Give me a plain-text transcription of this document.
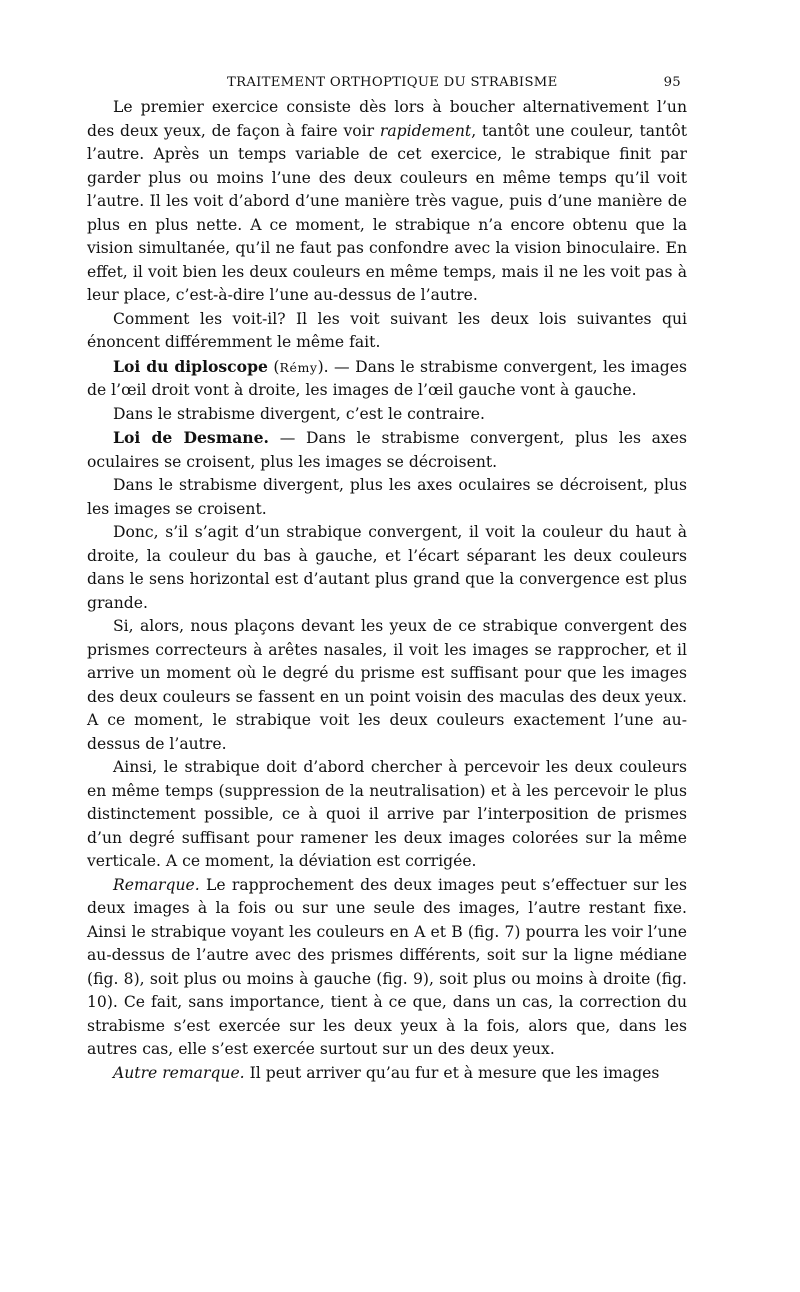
TRAITEMENT ORTHOPTIQUE DU STRABISME	95

Le premier exercice consiste dès lors à boucher alternativement l’un des deux yeux, de façon à faire voir rapidement, tantôt une couleur, tantôt l’autre. Après un temps variable de cet exercice, le strabique finit par garder plus ou moins l’une des deux couleurs en même temps qu’il voit l’autre. Il les voit d’abord d’une manière très vague, puis d’une manière de plus en plus nette. A ce moment, le strabique n’a encore obtenu que la vision simultanée, qu’il ne faut pas confondre avec la vision binoculaire. En effet, il voit bien les deux couleurs en même temps, mais il ne les voit pas à leur place, c’est-à-dire l’une au-dessus de l’autre.

Comment les voit-il? Il les voit suivant les deux lois suivantes qui énoncent différemment le même fait.

Loi du diploscope (Rémy). — Dans le strabisme convergent, les images de l’œil droit vont à droite, les images de l’œil gauche vont à gauche.

Dans le strabisme divergent, c’est le contraire.

Loi de Desmane. — Dans le strabisme convergent, plus les axes oculaires se croisent, plus les images se décroisent.

Dans le strabisme divergent, plus les axes oculaires se décroisent, plus les images se croisent.

Donc, s’il s’agit d’un strabique convergent, il voit la couleur du haut à droite, la couleur du bas à gauche, et l’écart séparant les deux couleurs dans le sens horizontal est d’autant plus grand que la convergence est plus grande.

Si, alors, nous plaçons devant les yeux de ce strabique convergent des prismes correcteurs à arêtes nasales, il voit les images se rapprocher, et il arrive un moment où le degré du prisme est suffisant pour que les images des deux couleurs se fassent en un point voisin des maculas des deux yeux. A ce moment, le strabique voit les deux couleurs exactement l’une au-dessus de l’autre.

Ainsi, le strabique doit d’abord chercher à percevoir les deux couleurs en même temps (suppression de la neutralisation) et à les percevoir le plus distinctement possible, ce à quoi il arrive par l’interposition de prismes d’un degré suffisant pour ramener les deux images colorées sur la même verticale. A ce moment, la déviation est corrigée.

Remarque. Le rapprochement des deux images peut s’effectuer sur les deux images à la fois ou sur une seule des images, l’autre restant fixe. Ainsi le strabique voyant les couleurs en A et B (fig. 7) pourra les voir l’une au-dessus de l’autre avec des prismes différents, soit sur la ligne médiane (fig. 8), soit plus ou moins à gauche (fig. 9), soit plus ou moins à droite (fig. 10). Ce fait, sans importance, tient à ce que, dans un cas, la correction du strabisme s’est exercée sur les deux yeux à la fois, alors que, dans les autres cas, elle s’est exercée surtout sur un des deux yeux.

Autre remarque. Il peut arriver qu’au fur et à mesure que les images
